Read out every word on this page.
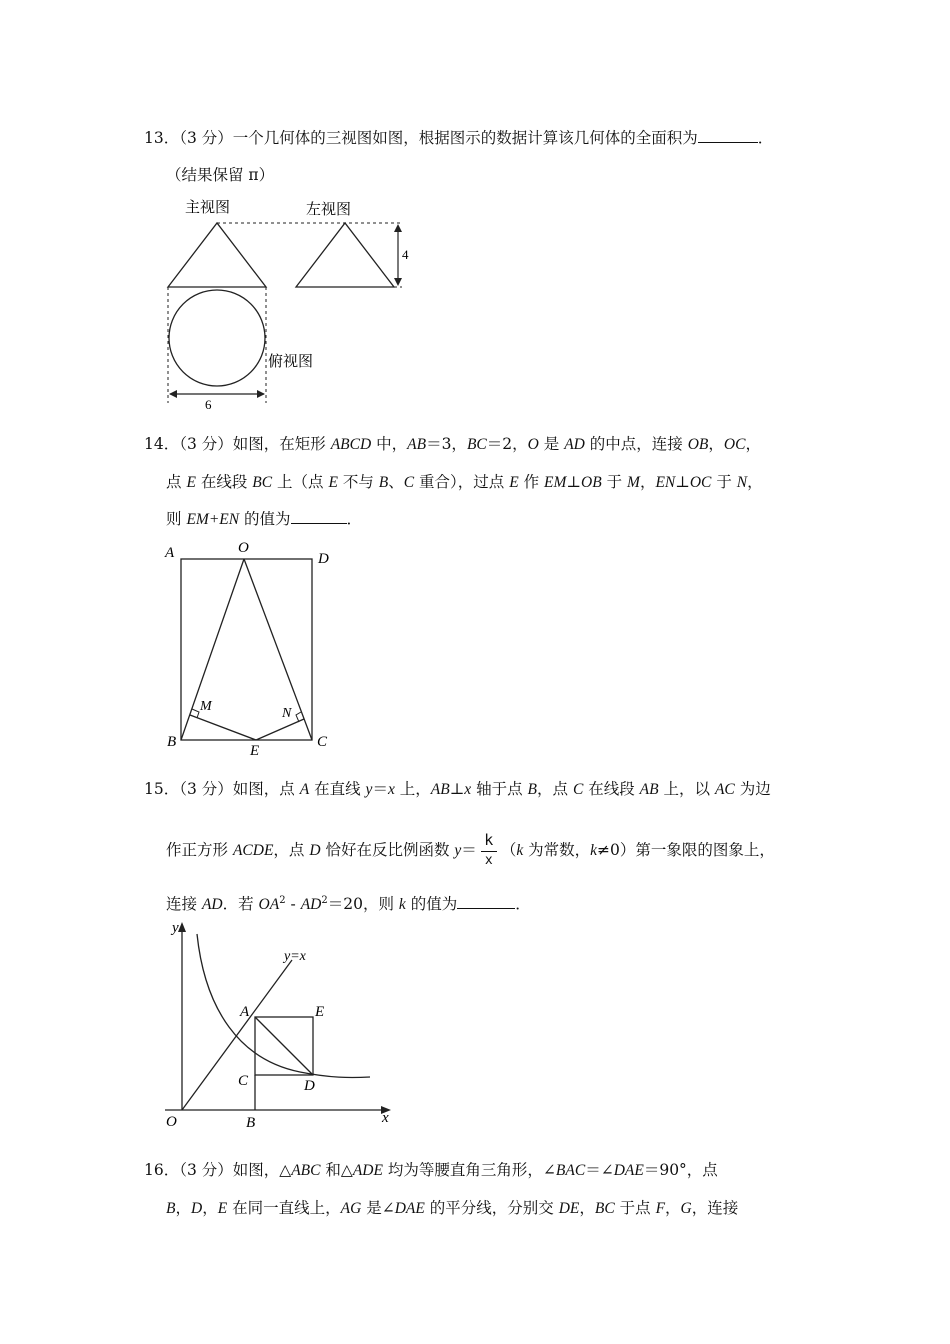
13．（3 分）一个几何体的三视图如图，根据图示的数据计算该几何体的全面积为	．
（结果保留 π）
主视图	左视图
俯视图
4
6
14．（3 分）如图，在矩形 ABCD 中，AB＝3，BC＝2，O 是 AD 的中点，连接 OB，OC，
点 E 在线段 BC 上（点 E 不与 B、C 重合），过点 E 作 EM⊥OB 于 M，EN⊥OC 于 N，
则 EM+EN 的值为	．
A	O
D
M	N
B
E
C
15．（3 分）如图，点 A 在直线 y＝x 上，AB⊥x 轴于点 B，点 C 在线段 AB 上，以 AC 为边
作正方形 ACDE，点 D 恰好在反比例函数 $y= \frac{k}{x} (k$ 为常数，k≠0）第一象限的图象上，
连接 AD．若 $OA^2 - AD^2=20$，则 k 的值为	．
y
x
y=x
A	E
C	D
O	B
16．（3 分）如图，△ABC 和△ADE 均为等腰直角三角形，∠BAC＝∠DAE＝90°，点
B，D，E 在同一直线上，AG 是∠DAE 的平分线，分别交 DE，BC 于点 F，G，连接
